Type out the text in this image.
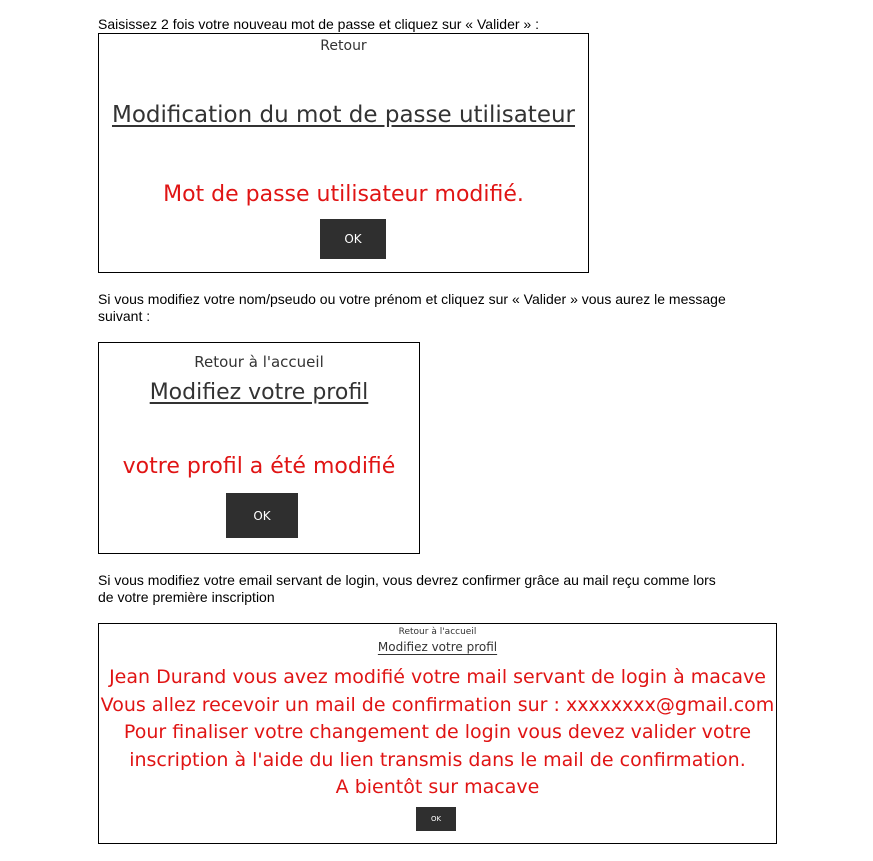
Saisissez 2 fois votre nouveau mot de passe et cliquez sur « Valider » :

Retour
Modification du mot de passe utilisateur
Mot de passe utilisateur modifié.
OK

Si vous modifiez votre nom/pseudo ou votre prénom et cliquez sur « Valider » vous aurez le message

suivant :

Retour à l'accueil
Modifiez votre profil
votre profil a été modifié
OK

Si vous modifiez votre email servant de login, vous devrez confirmer grâce au mail reçu comme lors

de votre première inscription

Retour à l'accueil
Modifiez votre profil
Jean Durand vous avez modifié votre mail servant de login à macave
Vous allez recevoir un mail de confirmation sur : xxxxxxxx@gmail.com
Pour finaliser votre changement de login vous devez valider votre
inscription à l'aide du lien transmis dans le mail de confirmation.
A bientôt sur macave
OK
